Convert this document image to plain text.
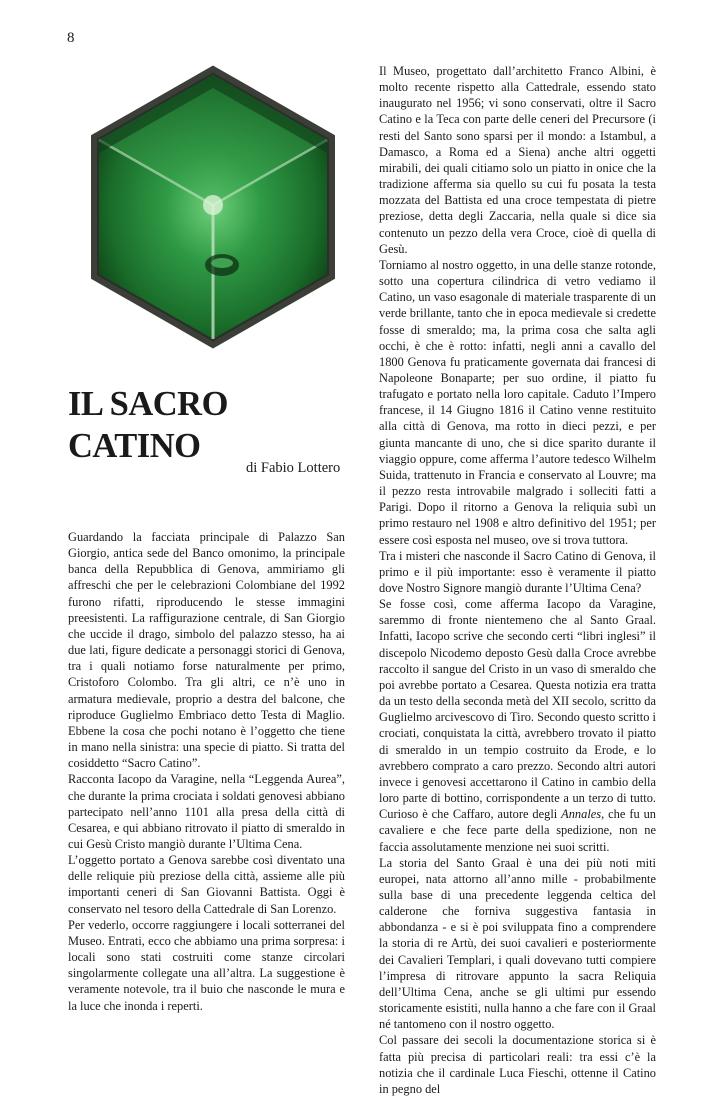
8
IL SACRO
CATINO
di Fabio Lottero

Guardando la facciata principale di Palazzo San Giorgio, antica sede del Banco omonimo, la principale banca della Repubblica di Genova, ammiriamo gli affreschi che per le celebrazioni Colombiane del 1992 furono rifatti, riproducendo le stesse immagini preesistenti. La raffigurazione centrale, di San Giorgio che uccide il drago, simbolo del palazzo stesso, ha ai due lati, figure dedicate a personaggi storici di Genova, tra i quali notiamo forse naturalmente per primo, Cristoforo Colombo. Tra gli altri, ce n’è uno in armatura medievale, proprio a destra del balcone, che riproduce Guglielmo Embriaco detto Testa di Maglio. Ebbene la cosa che pochi notano è l’oggetto che tiene in mano nella sinistra: una specie di piatto. Si tratta del cosiddetto “Sacro Catino”.

Racconta Iacopo da Varagine, nella “Leggenda Aurea”, che durante la prima crociata i soldati genovesi abbiano partecipato nell’anno 1101 alla presa della città di Cesarea, e qui abbiano ritrovato il piatto di smeraldo in cui Gesù Cristo mangiò durante l’Ultima Cena.

L’oggetto portato a Genova sarebbe così diventato una delle reliquie più preziose della città, assieme alle più importanti ceneri di San Giovanni Battista. Oggi è conservato nel tesoro della Cattedrale di San Lorenzo.

Per vederlo, occorre raggiungere i locali sotterranei del Museo. Entrati, ecco che abbiamo una prima sorpresa: i locali sono stati costruiti come stanze circolari singolarmente collegate una all’altra. La suggestione è veramente notevole, tra il buio che nasconde le mura e la luce che inonda i reperti.

Il Museo, progettato dall’architetto Franco Albini, è molto recente rispetto alla Cattedrale, essendo stato inaugurato nel 1956; vi sono conservati, oltre il Sacro Catino e la Teca con parte delle ceneri del Precursore (i resti del Santo sono sparsi per il mondo: a Istambul, a Damasco, a Roma ed a Siena) anche altri oggetti mirabili, dei quali citiamo solo un piatto in onice che la tradizione afferma sia quello su cui fu posata la testa mozzata del Battista ed una croce tempestata di pietre preziose, detta degli Zaccaria, nella quale si dice sia contenuto un pezzo della vera Croce, cioè di quella di Gesù.

Torniamo al nostro oggetto, in una delle stanze rotonde, sotto una copertura cilindrica di vetro vediamo il Catino, un vaso esagonale di materiale trasparente di un verde brillante, tanto che in epoca medievale si credette fosse di smeraldo; ma, la prima cosa che salta agli occhi, è che è rotto: infatti, negli anni a cavallo del 1800 Genova fu praticamente governata dai francesi di Napoleone Bonaparte; per suo ordine, il piatto fu trafugato e portato nella loro capitale. Caduto l’Impero francese, il 14 Giugno 1816 il Catino venne restituito alla città di Genova, ma rotto in dieci pezzi, e per giunta mancante di uno, che si dice sparito durante il viaggio oppure, come afferma l’autore tedesco Wilhelm Suida, trattenuto in Francia e conservato al Louvre; ma il pezzo resta introvabile malgrado i solleciti fatti a Parigi. Dopo il ritorno a Genova la reliquia subì un primo restauro nel 1908 e altro definitivo del 1951; per essere così esposta nel museo, ove si trova tuttora.

Tra i misteri che nasconde il Sacro Catino di Genova, il primo e il più importante: esso è veramente il piatto dove Nostro Signore mangiò durante l’Ultima Cena?

Se fosse così, come afferma Iacopo da Varagine, saremmo di fronte nientemeno che al Santo Graal. Infatti, Iacopo scrive che secondo certi “libri inglesi” il discepolo Nicodemo deposto Gesù dalla Croce avrebbe raccolto il sangue del Cristo in un vaso di smeraldo che poi avrebbe portato a Cesarea. Questa notizia era tratta da un testo della seconda metà del XII secolo, scritto da Guglielmo arcivescovo di Tiro. Secondo questo scritto i crociati, conquistata la città, avrebbero trovato il piatto di smeraldo in un tempio costruito da Erode, e lo avrebbero comprato a caro prezzo. Secondo altri autori invece i genovesi accettarono il Catino in cambio della loro parte di bottino, corrispondente a un terzo di tutto. Curioso è che Caffaro, autore degli Annales, che fu un cavaliere e che fece parte della spedizione, non ne faccia assolutamente menzione nei suoi scritti.

La storia del Santo Graal è una dei più noti miti europei, nata attorno all’anno mille - probabilmente sulla base di una precedente leggenda celtica del calderone che forniva suggestiva fantasia in abbondanza - e si è poi sviluppata fino a comprendere la storia di re Artù, dei suoi cavalieri e posteriormente dei Cavalieri Templari, i quali dovevano tutti compiere l’impresa di ritrovare appunto la sacra Reliquia dell’Ultima Cena, anche se gli ultimi pur essendo storicamente esistiti, nulla hanno a che fare con il Graal né tantomeno con il nostro oggetto.

Col passare dei secoli la documentazione storica si è fatta più precisa di particolari reali: tra essi c’è la notizia che il cardinale Luca Fieschi, ottenne il Catino in pegno del
